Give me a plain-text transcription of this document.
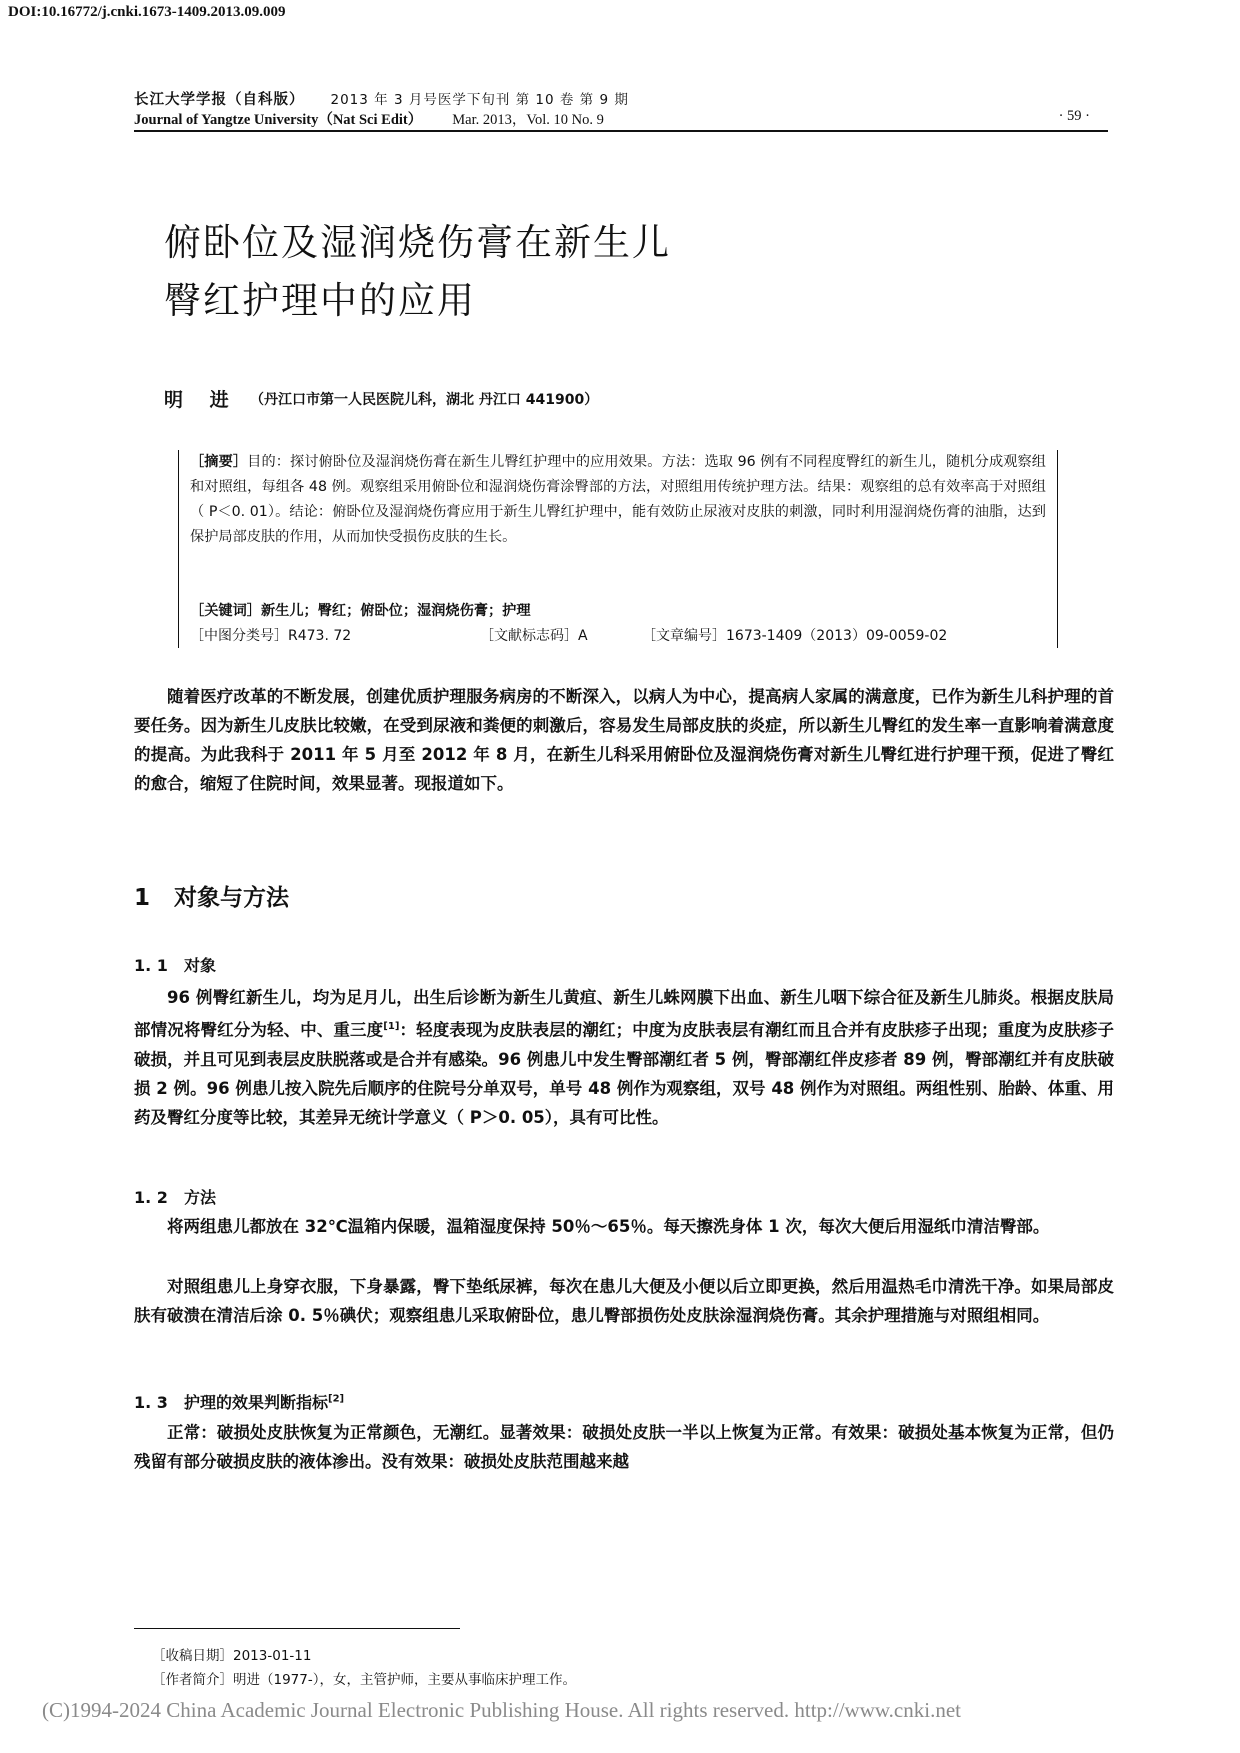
DOI:10.16772/j.cnki.1673-1409.2013.09.009
长江大学学报（自科版） 2013 年 3 月号医学下旬刊 第 10 卷 第 9 期
Journal of Yangtze University（Nat Sci Edit） Mar. 2013，Vol. 10 No. 9	· 59 ·
俯卧位及湿润烧伤膏在新生儿
臀红护理中的应用
明 进 （丹江口市第一人民医院儿科，湖北 丹江口 441900）
［摘要］目的：探讨俯卧位及湿润烧伤膏在新生儿臀红护理中的应用效果。方法：选取 96 例有不同程度臀红的新生儿，随机分成观察组和对照组，每组各 48 例。观察组采用俯卧位和湿润烧伤膏涂臀部的方法，对照组用传统护理方法。结果：观察组的总有效率高于对照组（ P＜0. 01）。结论：俯卧位及湿润烧伤膏应用于新生儿臀红护理中，能有效防止尿液对皮肤的刺激，同时利用湿润烧伤膏的油脂，达到保护局部皮肤的作用，从而加快受损伤皮肤的生长。
［关键词］新生儿；臀红；俯卧位；湿润烧伤膏；护理
［中图分类号］R473. 72	［文献标志码］A	［文章编号］1673-1409（2013）09-0059-02
随着医疗改革的不断发展，创建优质护理服务病房的不断深入，以病人为中心，提高病人家属的满意度，已作为新生儿科护理的首要任务。因为新生儿皮肤比较嫩，在受到尿液和粪便的刺激后，容易发生局部皮肤的炎症，所以新生儿臀红的发生率一直影响着满意度的提高。为此我科于 2011 年 5 月至 2012 年 8 月，在新生儿科采用俯卧位及湿润烧伤膏对新生儿臀红进行护理干预，促进了臀红的愈合，缩短了住院时间，效果显著。现报道如下。
1 对象与方法
1. 1 对象
96 例臀红新生儿，均为足月儿，出生后诊断为新生儿黄疸、新生儿蛛网膜下出血、新生儿咽下综合征及新生儿肺炎。根据皮肤局部情况将臀红分为轻、中、重三度[1]：轻度表现为皮肤表层的潮红；中度为皮肤表层有潮红而且合并有皮肤疹子出现；重度为皮肤疹子破损，并且可见到表层皮肤脱落或是合并有感染。96 例患儿中发生臀部潮红者 5 例，臀部潮红伴皮疹者 89 例，臀部潮红并有皮肤破损 2 例。96 例患儿按入院先后顺序的住院号分单双号，单号 48 例作为观察组，双号 48 例作为对照组。两组性别、胎龄、体重、用药及臀红分度等比较，其差异无统计学意义（ P＞0. 05），具有可比性。
1. 2 方法
将两组患儿都放在 32℃温箱内保暖，温箱湿度保持 50％～65％。每天擦洗身体 1 次，每次大便后用湿纸巾清洁臀部。
对照组患儿上身穿衣服，下身暴露，臀下垫纸尿裤，每次在患儿大便及小便以后立即更换，然后用温热毛巾清洗干净。如果局部皮肤有破溃在清洁后涂 0. 5％碘伏；观察组患儿采取俯卧位，患儿臀部损伤处皮肤涂湿润烧伤膏。其余护理措施与对照组相同。
1. 3 护理的效果判断指标[2]
正常：破损处皮肤恢复为正常颜色，无潮红。显著效果：破损处皮肤一半以上恢复为正常。有效果：破损处基本恢复为正常，但仍残留有部分破损皮肤的液体渗出。没有效果：破损处皮肤范围越来越
［收稿日期］2013-01-11
［作者简介］明进（1977-），女，主管护师，主要从事临床护理工作。
(C)1994-2024 China Academic Journal Electronic Publishing House. All rights reserved. http://www.cnki.net
